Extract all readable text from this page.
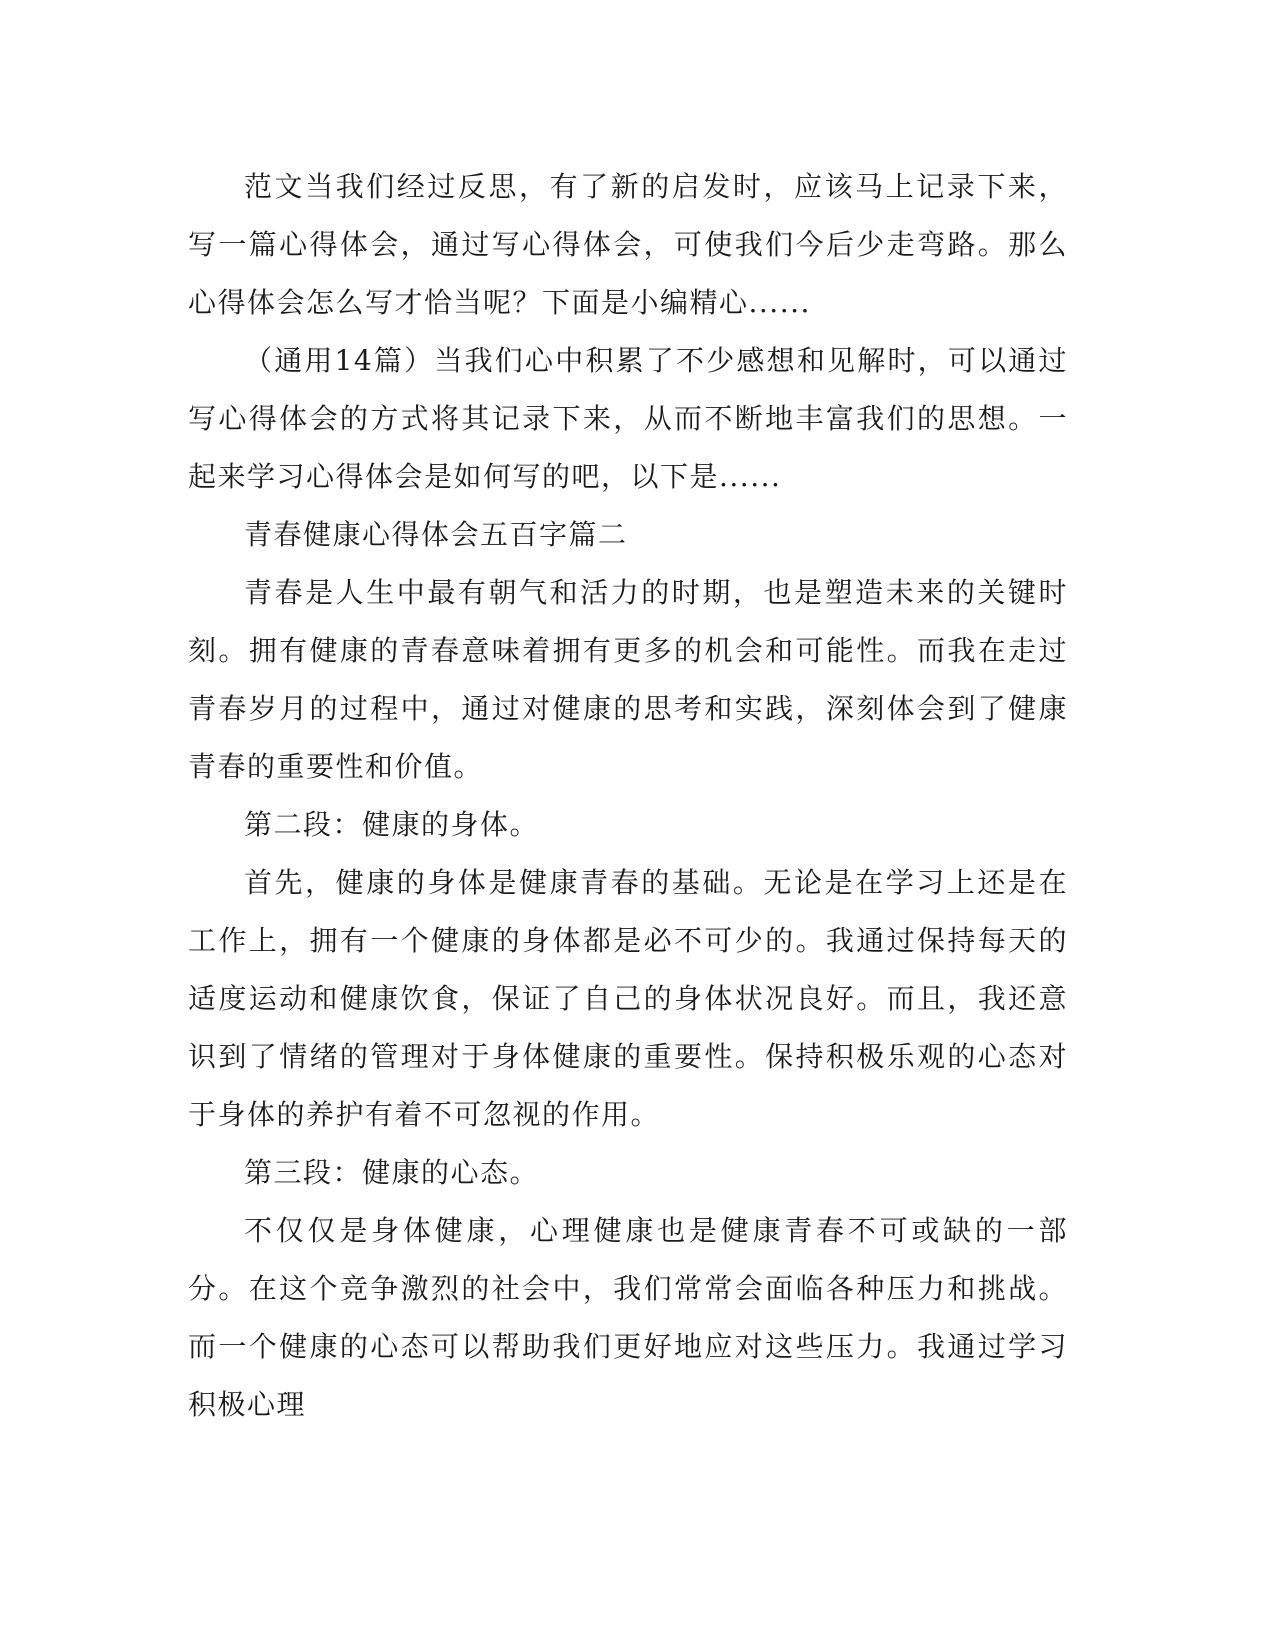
范文当我们经过反思，有了新的启发时，应该马上记录下来，写一篇心得体会，通过写心得体会，可使我们今后少走弯路。那么心得体会怎么写才恰当呢？下面是小编精心......

（通用14篇）当我们心中积累了不少感想和见解时，可以通过写心得体会的方式将其记录下来，从而不断地丰富我们的思想。一起来学习心得体会是如何写的吧，以下是......

青春健康心得体会五百字篇二

青春是人生中最有朝气和活力的时期，也是塑造未来的关键时刻。拥有健康的青春意味着拥有更多的机会和可能性。而我在走过青春岁月的过程中，通过对健康的思考和实践，深刻体会到了健康青春的重要性和价值。

第二段：健康的身体。

首先，健康的身体是健康青春的基础。无论是在学习上还是在工作上，拥有一个健康的身体都是必不可少的。我通过保持每天的适度运动和健康饮食，保证了自己的身体状况良好。而且，我还意识到了情绪的管理对于身体健康的重要性。保持积极乐观的心态对于身体的养护有着不可忽视的作用。

第三段：健康的心态。

不仅仅是身体健康，心理健康也是健康青春不可或缺的一部分。在这个竞争激烈的社会中，我们常常会面临各种压力和挑战。而一个健康的心态可以帮助我们更好地应对这些压力。我通过学习积极心理
